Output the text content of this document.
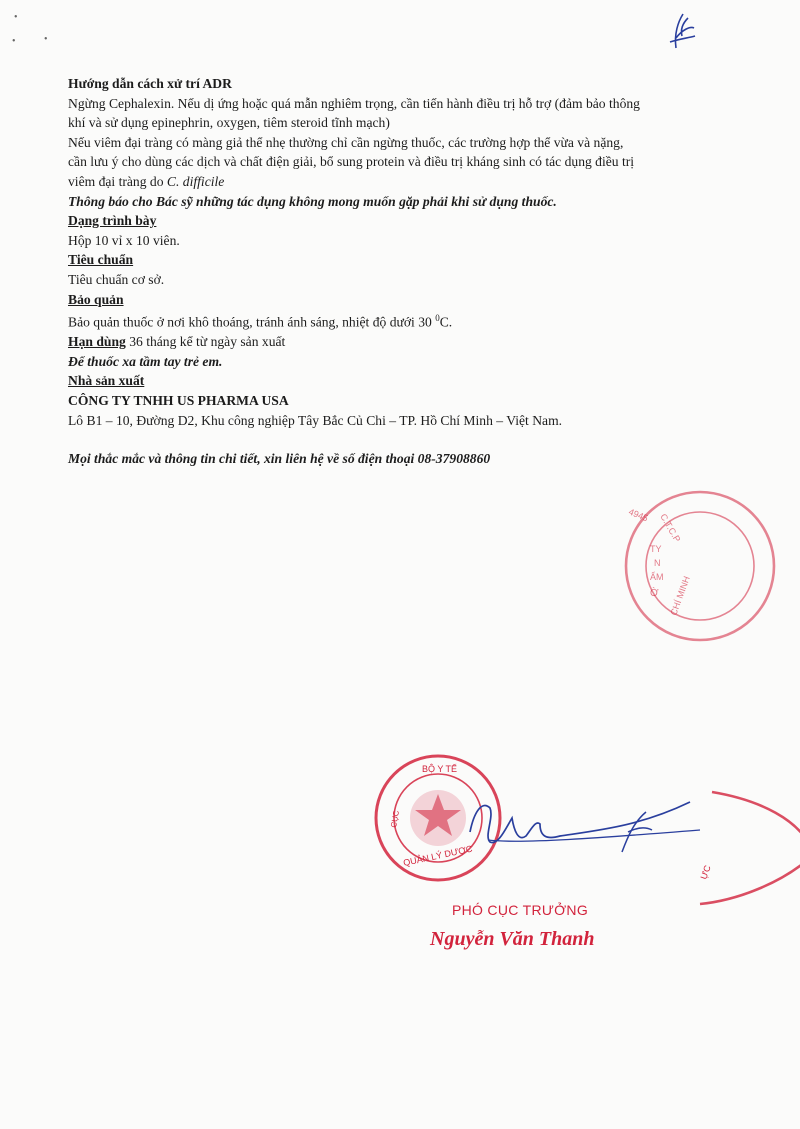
•
•	•

Hướng dẫn cách xử trí ADR

Ngừng Cephalexin. Nếu dị ứng hoặc quá mẫn nghiêm trọng, cần tiến hành điều trị hỗ trợ (đảm bảo thông

khí và sử dụng epinephrin, oxygen, tiêm steroid tĩnh mạch)

Nếu viêm đại tràng có màng giả thể nhẹ thường chỉ cần ngừng thuốc, các trường hợp thể vừa và nặng,

cần lưu ý cho dùng các dịch và chất điện giải, bổ sung protein và điều trị kháng sinh có tác dụng điều trị

viêm đại tràng do C. difficile

Thông báo cho Bác sỹ những tác dụng không mong muốn gặp phải khi sử dụng thuốc.

Dạng trình bày

Hộp 10 vỉ x 10 viên.

Tiêu chuẩn

Tiêu chuẩn cơ sở.

Bảo quản

Bảo quản thuốc ở nơi khô thoáng, tránh ánh sáng, nhiệt độ dưới 30 $^0$C.

Hạn dùng 36 tháng kể từ ngày sản xuất

Để thuốc xa tầm tay trẻ em.

Nhà sản xuất

CÔNG TY TNHH US PHARMA USA

Lô B1 – 10, Đường D2, Khu công nghiệp Tây Bắc Củ Chi – TP. Hồ Chí Minh – Việt Nam.

Mọi thắc mắc và thông tin chi tiết, xin liên hệ về số điện thoại 08-37908860

4945 C.T.C.P
TY
N
ẨM
Ờ CHÍ MINH
BỘ Y TẾ
CỤC
QUẢN LÝ DƯỢC
ỰC
PHÓ CỤC TRƯỞNG
Nguyễn Văn Thanh
